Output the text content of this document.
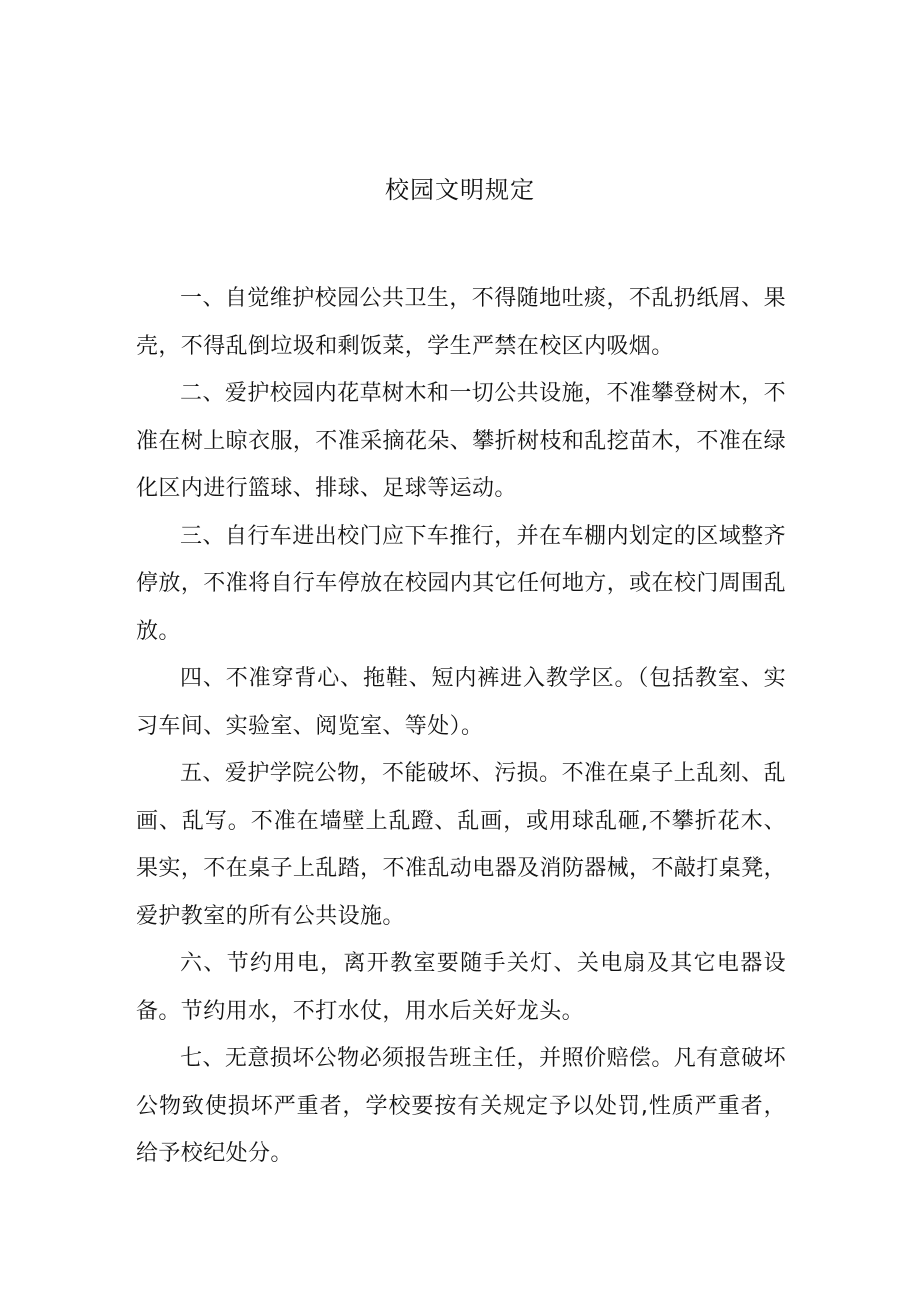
校园文明规定

一、自觉维护校园公共卫生，不得随地吐痰，不乱扔纸屑、果壳，不得乱倒垃圾和剩饭菜，学生严禁在校区内吸烟。

二、爱护校园内花草树木和一切公共设施，不准攀登树木，不准在树上晾衣服，不准采摘花朵、攀折树枝和乱挖苗木，不准在绿化区内进行篮球、排球、足球等运动。

三、自行车进出校门应下车推行，并在车棚内划定的区域整齐停放，不准将自行车停放在校园内其它任何地方，或在校门周围乱放。

四、不准穿背心、拖鞋、短内裤进入教学区。（包括教室、实习车间、实验室、阅览室、等处）。

五、爱护学院公物，不能破坏、污损。不准在桌子上乱刻、乱画、乱写。不准在墙壁上乱蹬、乱画，或用球乱砸,不攀折花木、果实，不在桌子上乱踏，不准乱动电器及消防器械，不敲打桌凳，爱护教室的所有公共设施。

六、节约用电，离开教室要随手关灯、关电扇及其它电器设备。节约用水，不打水仗，用水后关好龙头。

七、无意损坏公物必须报告班主任，并照价赔偿。凡有意破坏公物致使损坏严重者，学校要按有关规定予以处罚,性质严重者，给予校纪处分。
